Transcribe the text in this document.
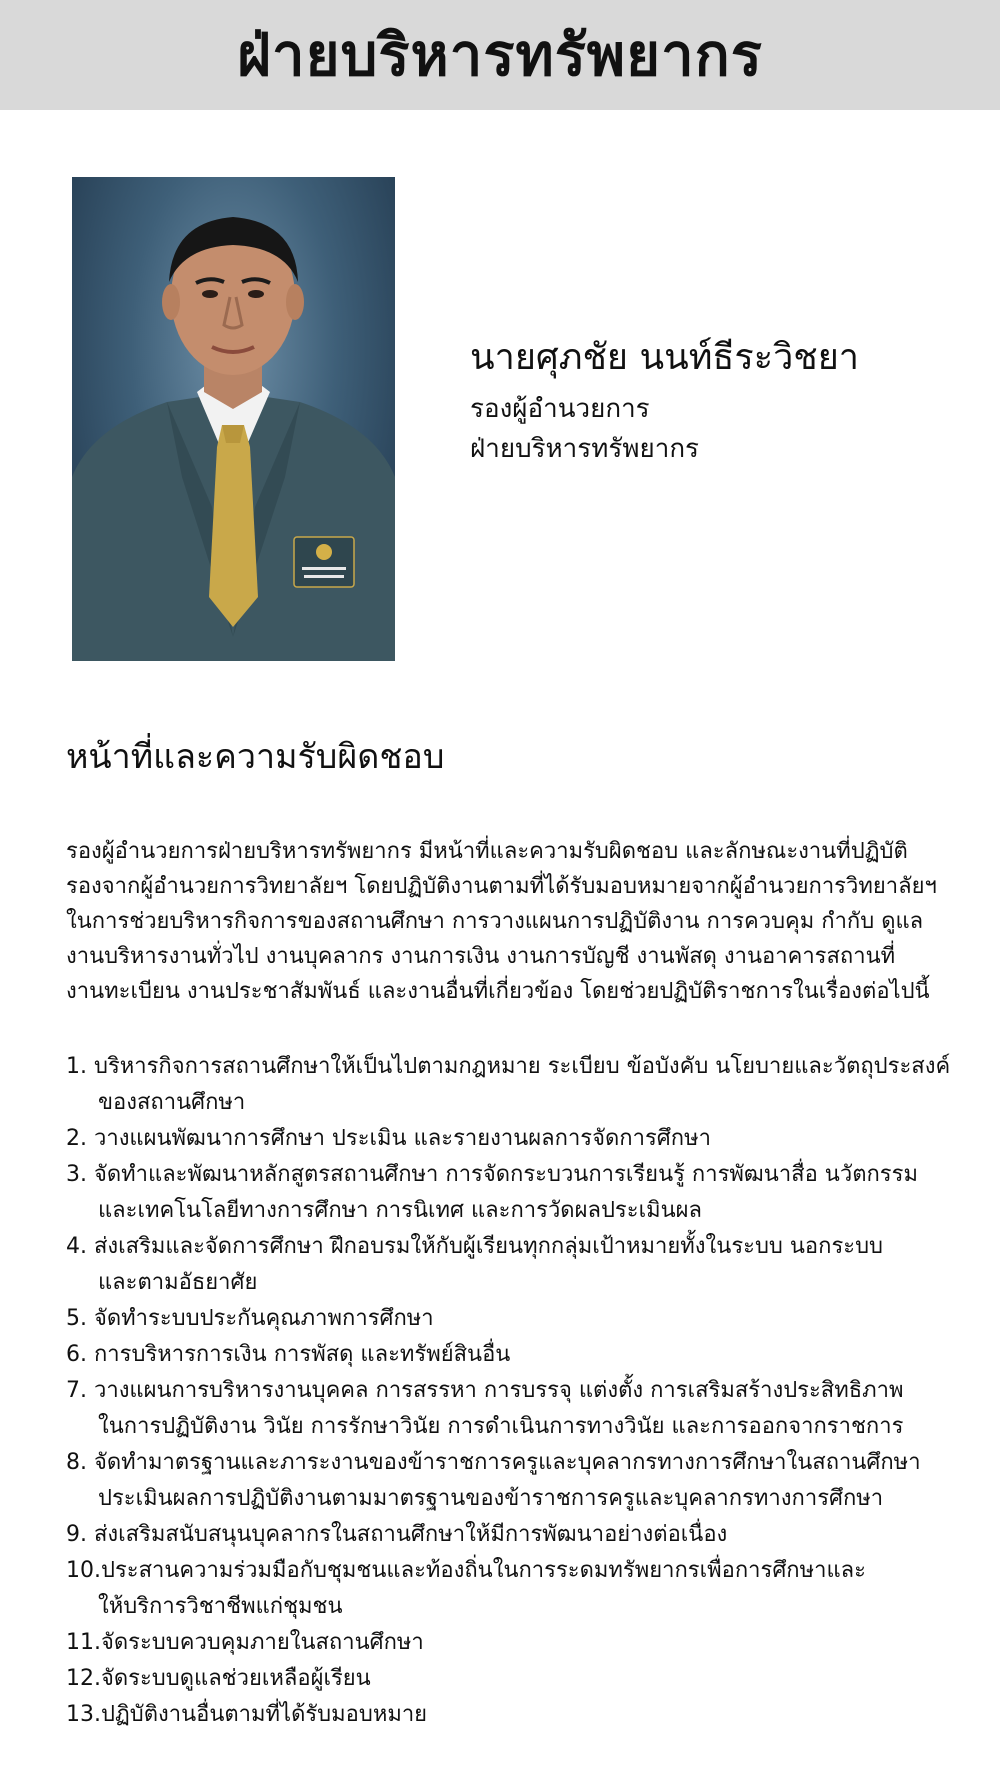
ฝ่ายบริหารทรัพยากร
นายศุภชัย นนท์ธีระวิชยา
รองผู้อำนวยการ
ฝ่ายบริหารทรัพยากร
หน้าที่และความรับผิดชอบ
รองผู้อำนวยการฝ่ายบริหารทรัพยากร มีหน้าที่และความรับผิดชอบ และลักษณะงานที่ปฏิบัติ
รองจากผู้อำนวยการวิทยาลัยฯ โดยปฏิบัติงานตามที่ได้รับมอบหมายจากผู้อำนวยการวิทยาลัยฯ
ในการช่วยบริหารกิจการของสถานศึกษา การวางแผนการปฏิบัติงาน การควบคุม กำกับ ดูแล
งานบริหารงานทั่วไป งานบุคลากร งานการเงิน งานการบัญชี งานพัสดุ งานอาคารสถานที่
งานทะเบียน งานประชาสัมพันธ์ และงานอื่นที่เกี่ยวข้อง โดยช่วยปฏิบัติราชการในเรื่องต่อไปนี้
1. บริหารกิจการสถานศึกษาให้เป็นไปตามกฎหมาย ระเบียบ ข้อบังคับ นโยบายและวัตถุประสงค์
ของสถานศึกษา
2. วางแผนพัฒนาการศึกษา ประเมิน และรายงานผลการจัดการศึกษา
3. จัดทำและพัฒนาหลักสูตรสถานศึกษา การจัดกระบวนการเรียนรู้ การพัฒนาสื่อ นวัตกรรม
และเทคโนโลยีทางการศึกษา การนิเทศ และการวัดผลประเมินผล
4. ส่งเสริมและจัดการศึกษา ฝึกอบรมให้กับผู้เรียนทุกกลุ่มเป้าหมายทั้งในระบบ นอกระบบ
และตามอัธยาศัย
5. จัดทำระบบประกันคุณภาพการศึกษา
6. การบริหารการเงิน การพัสดุ และทรัพย์สินอื่น
7. วางแผนการบริหารงานบุคคล การสรรหา การบรรจุ แต่งตั้ง การเสริมสร้างประสิทธิภาพ
ในการปฏิบัติงาน วินัย การรักษาวินัย การดำเนินการทางวินัย และการออกจากราชการ
8. จัดทำมาตรฐานและภาระงานของข้าราชการครูและบุคลากรทางการศึกษาในสถานศึกษา
ประเมินผลการปฏิบัติงานตามมาตรฐานของข้าราชการครูและบุคลากรทางการศึกษา
9. ส่งเสริมสนับสนุนบุคลากรในสถานศึกษาให้มีการพัฒนาอย่างต่อเนื่อง
10.ประสานความร่วมมือกับชุมชนและท้องถิ่นในการระดมทรัพยากรเพื่อการศึกษาและ
ให้บริการวิชาชีพแก่ชุมชน
11.จัดระบบควบคุมภายในสถานศึกษา
12.จัดระบบดูแลช่วยเหลือผู้เรียน
13.ปฏิบัติงานอื่นตามที่ได้รับมอบหมาย
